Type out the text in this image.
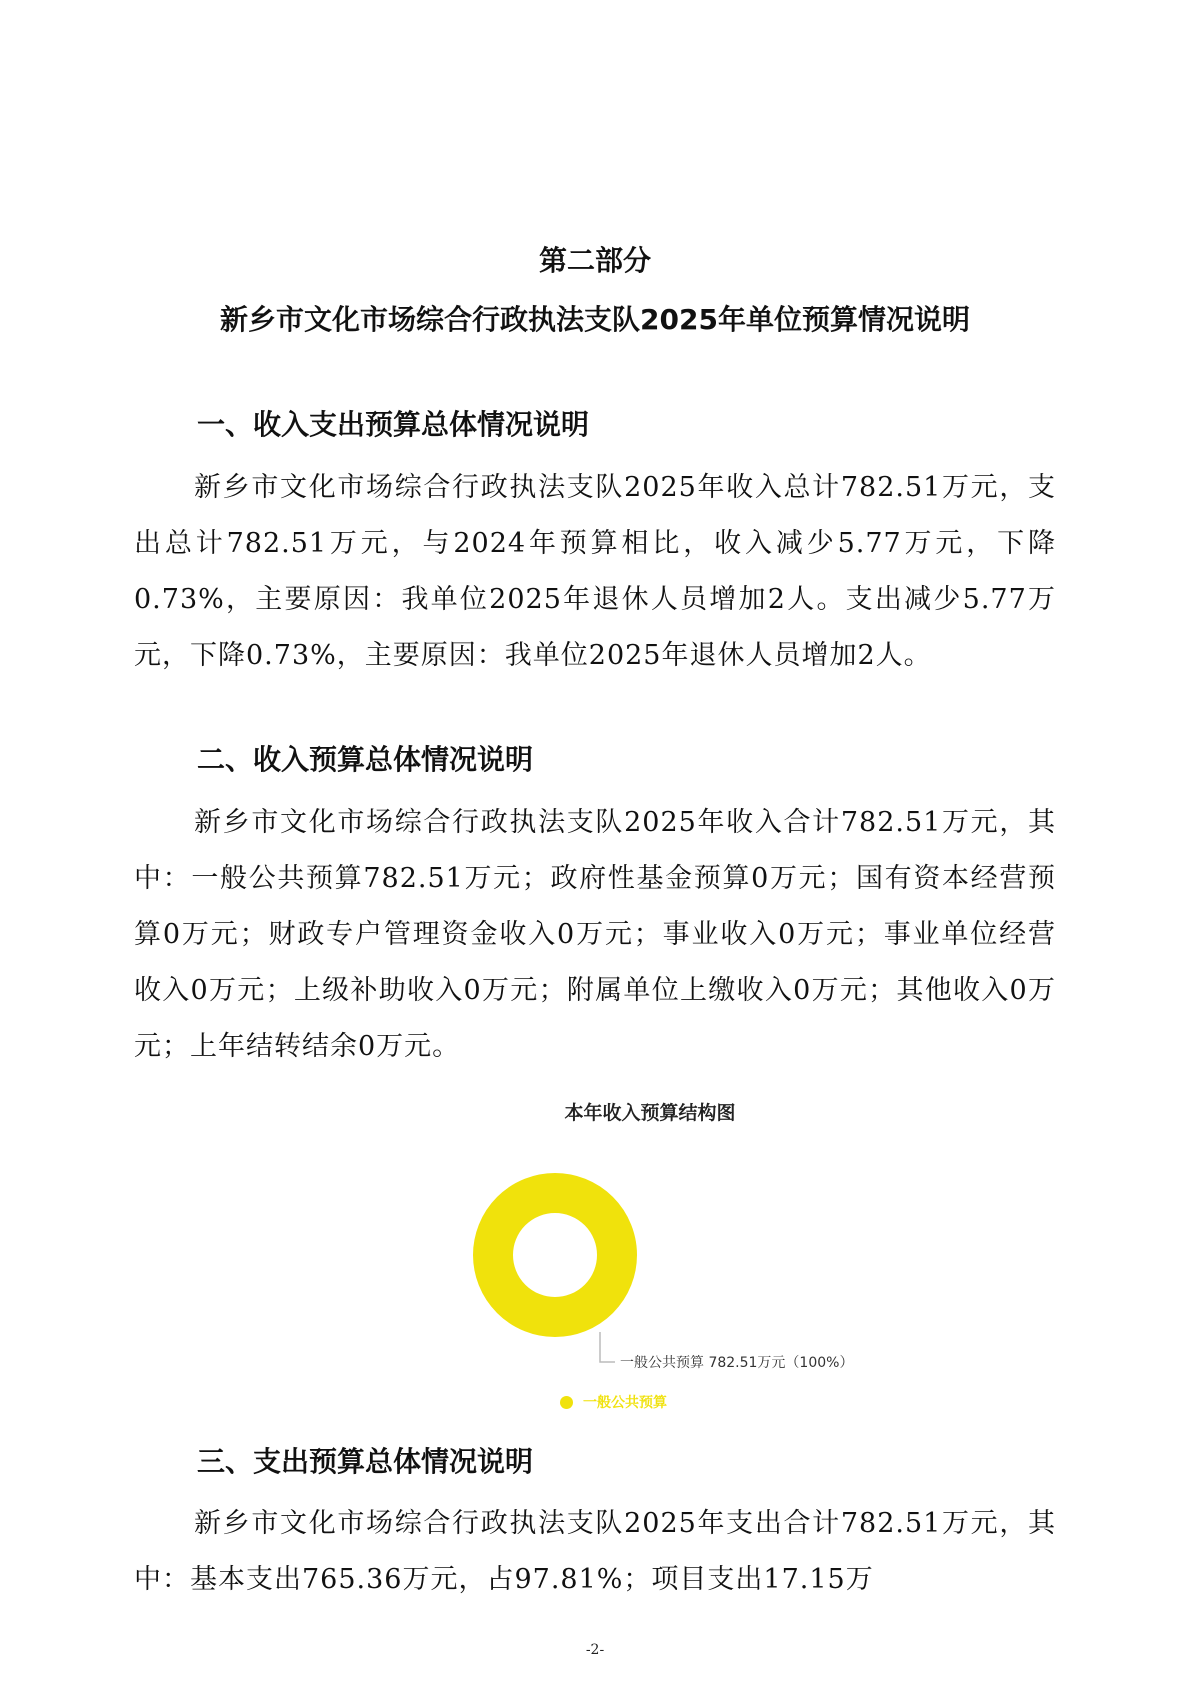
第二部分
新乡市文化市场综合行政执法支队2025年单位预算情况说明
一、收入支出预算总体情况说明

新乡市文化市场综合行政执法支队2025年收入总计782.51万元，支出总计782.51万元，与2024年预算相比，收入减少5.77万元，下降0.73%，主要原因：我单位2025年退休人员增加2人。支出减少5.77万元，下降0.73%，主要原因：我单位2025年退休人员增加2人。

二、收入预算总体情况说明

新乡市文化市场综合行政执法支队2025年收入合计782.51万元，其中：一般公共预算782.51万元；政府性基金预算0万元；国有资本经营预算0万元；财政专户管理资金收入0万元；事业收入0万元；事业单位经营收入0万元；上级补助收入0万元；附属单位上缴收入0万元；其他收入0万元；上年结转结余0万元。

本年收入预算结构图
一般公共预算 782.51万元（100%）
一般公共预算
三、支出预算总体情况说明

新乡市文化市场综合行政执法支队2025年支出合计782.51万元，其中：基本支出765.36万元，占97.81%；项目支出17.15万

-2-
